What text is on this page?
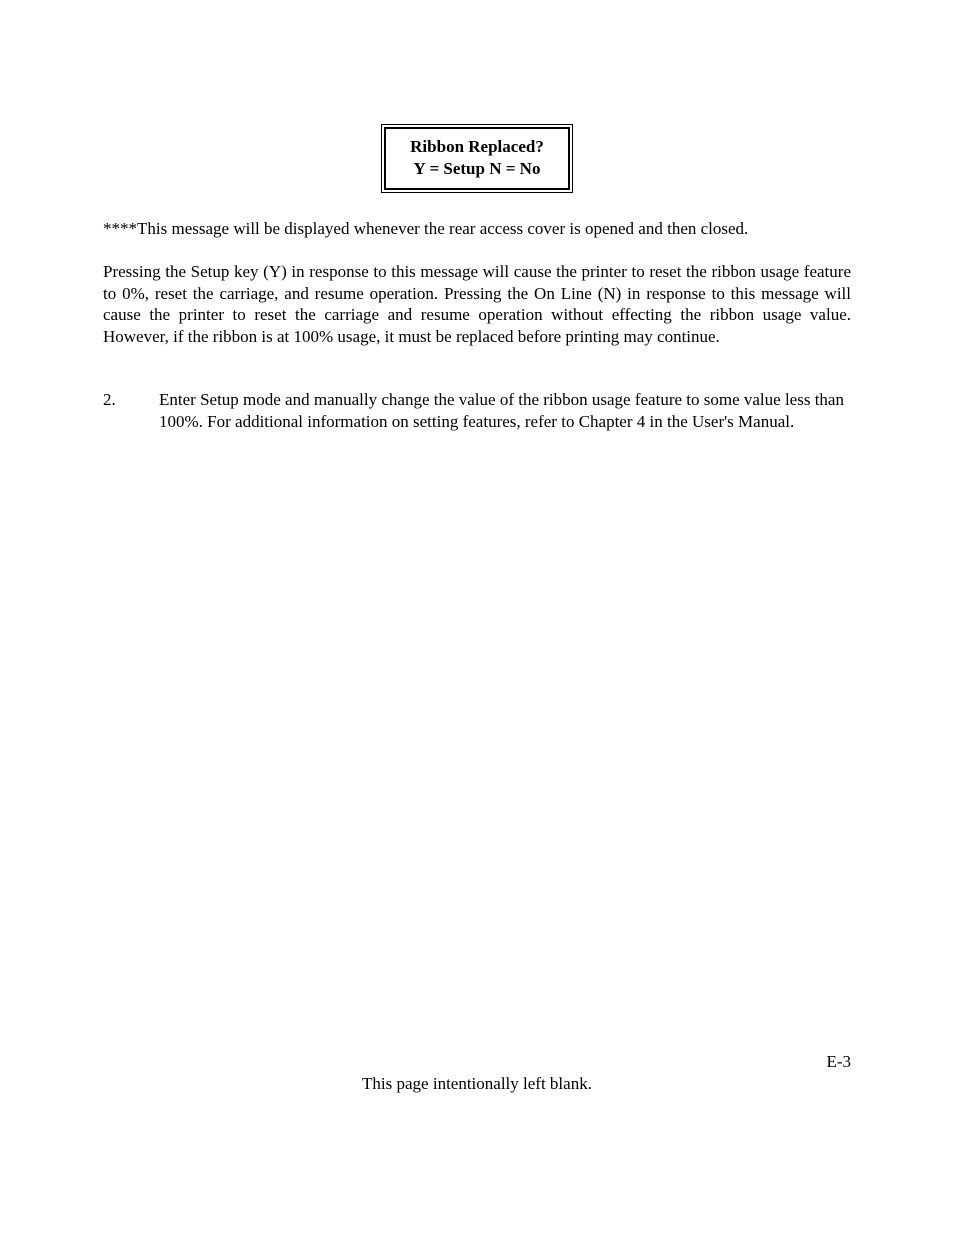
Ribbon Replaced?
Y = Setup N = No

****This message will be displayed whenever the rear access cover is opened and then closed.

Pressing the Setup key (Y) in response to this message will cause the printer to reset the ribbon usage feature to 0%, reset the carriage, and resume operation. Pressing the On Line (N) in response to this message will cause the printer to reset the carriage and resume operation without effecting the ribbon usage value. However, if the ribbon is at 100% usage, it must be replaced before printing may continue.

2.	Enter Setup mode and manually change the value of the ribbon usage feature to some value less than 100%. For additional information on setting features, refer to Chapter 4 in the User's Manual.
E-3
This page intentionally left blank.
